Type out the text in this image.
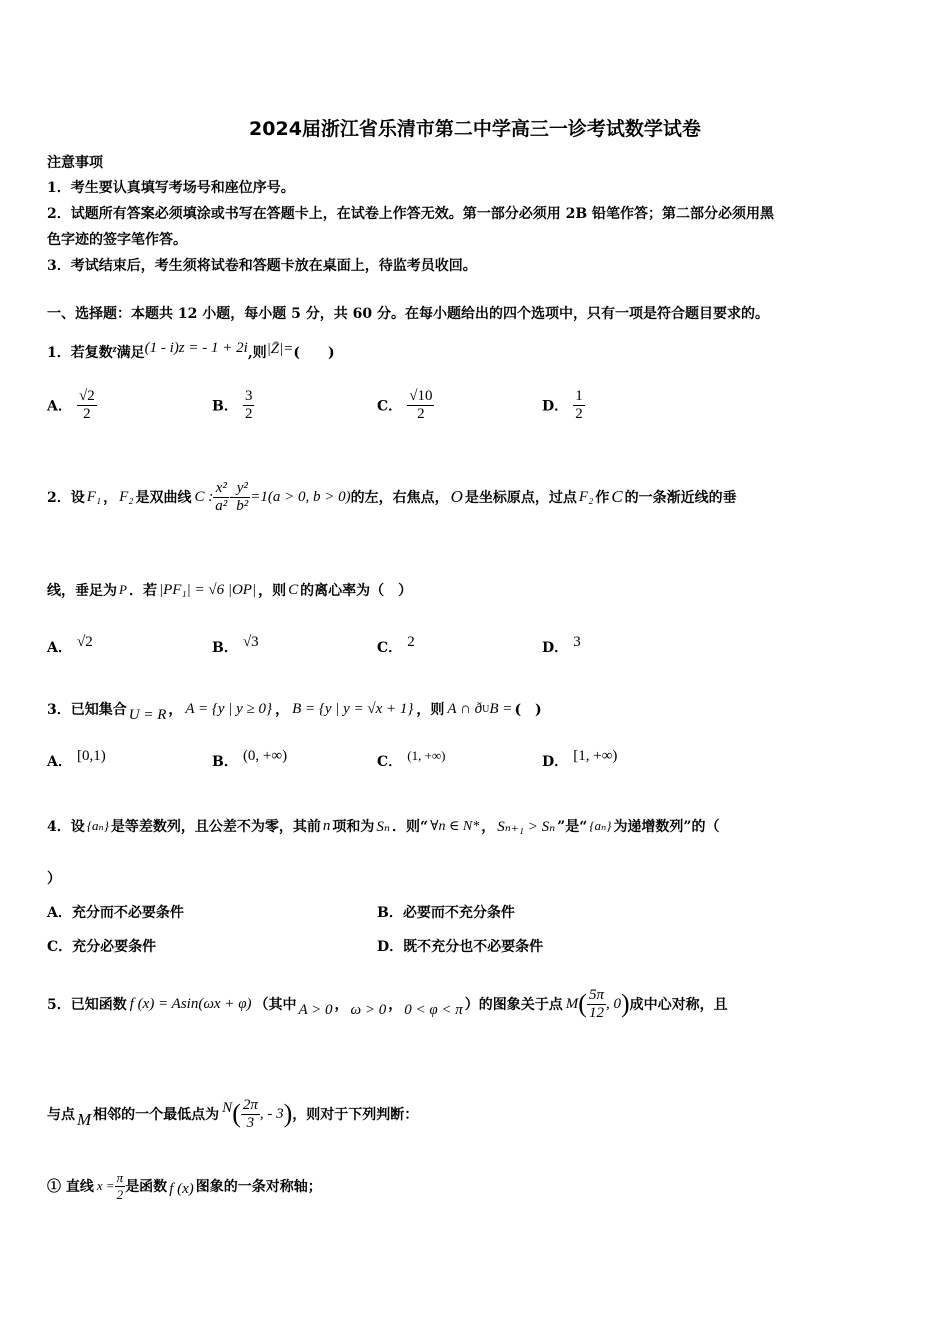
2024届浙江省乐清市第二中学高三一诊考试数学试卷
注意事项
1．考生要认真填写考场号和座位序号。
2．试题所有答案必须填涂或书写在答题卡上，在试卷上作答无效。第一部分必须用 2B 铅笔作答；第二部分必须用黑
色字迹的签字笔作答。
3．考试结束后，考生须将试卷和答题卡放在桌面上，待监考员收回。
一、选择题：本题共 12 小题，每小题 5 分，共 60 分。在每小题给出的四个选项中，只有一项是符合题目要求的。
1．若复数$^z$满足(1 - i)z = - 1 + 2i,则|Z̄|=(　　)
A． $\frac{√2}{2}$	B． $\frac{3}{2}$	C． $\frac{√10}{2}$	D． $\frac{1}{2}$
2．设 F₁ ， F₂ 是双曲线 C : $\frac{\text{x²}}{\text{a²}} - \frac{\text{y²}}{\text{b²}} =1(a > 0$, b > 0) 的左，右焦点， O 是坐标原点，过点 F₂ 作 C 的一条渐近线的垂
线，垂足为 P ．若 |PF₁| = √6 |OP| ，则 C 的离心率为（　）
A． √2	B． √3	C． 2	D． 3
3．已知集合 U = R ， A = {y | y ≥ 0} ， B = {y | y = √x + 1} ，则 A ∩ ð U B = (　)
A． [0,1)	B． (0, +∞)	C． $^{(1, +\infty)}$	D． [1, +∞)
4．设 {aₙ} 是等差数列，且公差不为零，其前 n 项和为 Sₙ ．则“ ∀n ∈ N* ， Sₙ₊₁ > Sₙ ”是“ {aₙ} 为递增数列”的（
）
A．充分而不必要条件	B．必要而不充分条件
C．充分必要条件	D．既不充分也不必要条件
5．已知函数 f (x) = Asin(ωx + φ) （其中 A > 0 ， ω > 0 ， 0 < φ < π ）的图象关于点 M ( $\frac{5\pi}{12}$ , 0 ) 成中心对称，且
与点 M 相邻的一个最低点为 N ( $\frac{2\pi}{3}$ , - 3 ) ，则对于下列判断：
① 直线 $x = \frac{\pi}{2}$ 是函数 f (x) 图象的一条对称轴；
